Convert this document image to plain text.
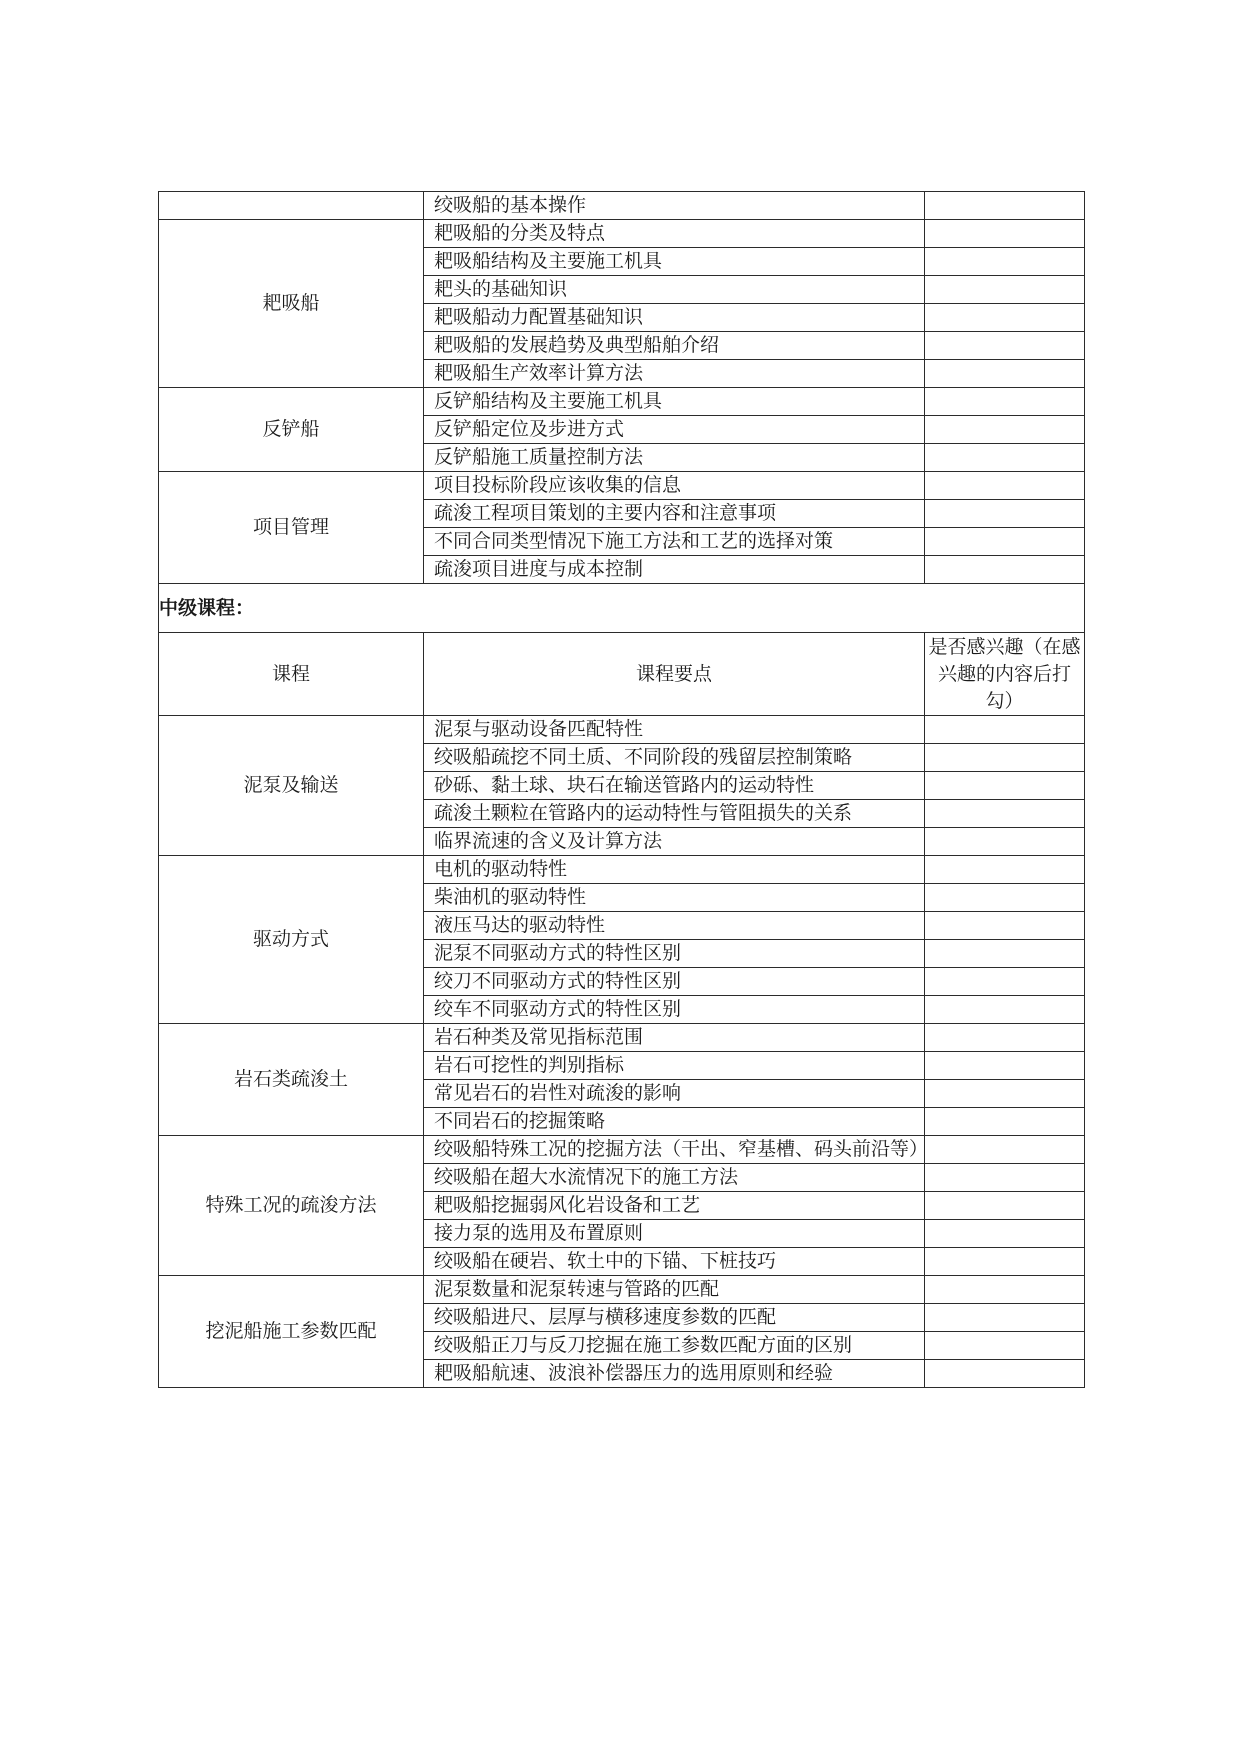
	绞吸船的基本操作	
耙吸船	耙吸船的分类及特点	
	耙吸船结构及主要施工机具	
	耙头的基础知识	
	耙吸船动力配置基础知识	
	耙吸船的发展趋势及典型船舶介绍	
	耙吸船生产效率计算方法	
反铲船	反铲船结构及主要施工机具	
	反铲船定位及步进方式	
	反铲船施工质量控制方法	
项目管理	项目投标阶段应该收集的信息	
	疏浚工程项目策划的主要内容和注意事项	
	不同合同类型情况下施工方法和工艺的选择对策	
	疏浚项目进度与成本控制	
中级课程：		
课程	课程要点	是否感兴趣（在感兴趣的内容后打勾）
泥泵及输送	泥泵与驱动设备匹配特性	
	绞吸船疏挖不同土质、不同阶段的残留层控制策略	
	砂砾、黏土球、块石在输送管路内的运动特性	
	疏浚土颗粒在管路内的运动特性与管阻损失的关系	
	临界流速的含义及计算方法	
驱动方式	电机的驱动特性	
	柴油机的驱动特性	
	液压马达的驱动特性	
	泥泵不同驱动方式的特性区别	
	绞刀不同驱动方式的特性区别	
	绞车不同驱动方式的特性区别	
岩石类疏浚土	岩石种类及常见指标范围	
	岩石可挖性的判别指标	
	常见岩石的岩性对疏浚的影响	
	不同岩石的挖掘策略	
特殊工况的疏浚方法	绞吸船特殊工况的挖掘方法（干出、窄基槽、码头前沿等）	
	绞吸船在超大水流情况下的施工方法	
	耙吸船挖掘弱风化岩设备和工艺	
	接力泵的选用及布置原则	
	绞吸船在硬岩、软土中的下锚、下桩技巧	
挖泥船施工参数匹配	泥泵数量和泥泵转速与管路的匹配	
	绞吸船进尺、层厚与横移速度参数的匹配	
	绞吸船正刀与反刀挖掘在施工参数匹配方面的区别	
	耙吸船航速、波浪补偿器压力的选用原则和经验	
